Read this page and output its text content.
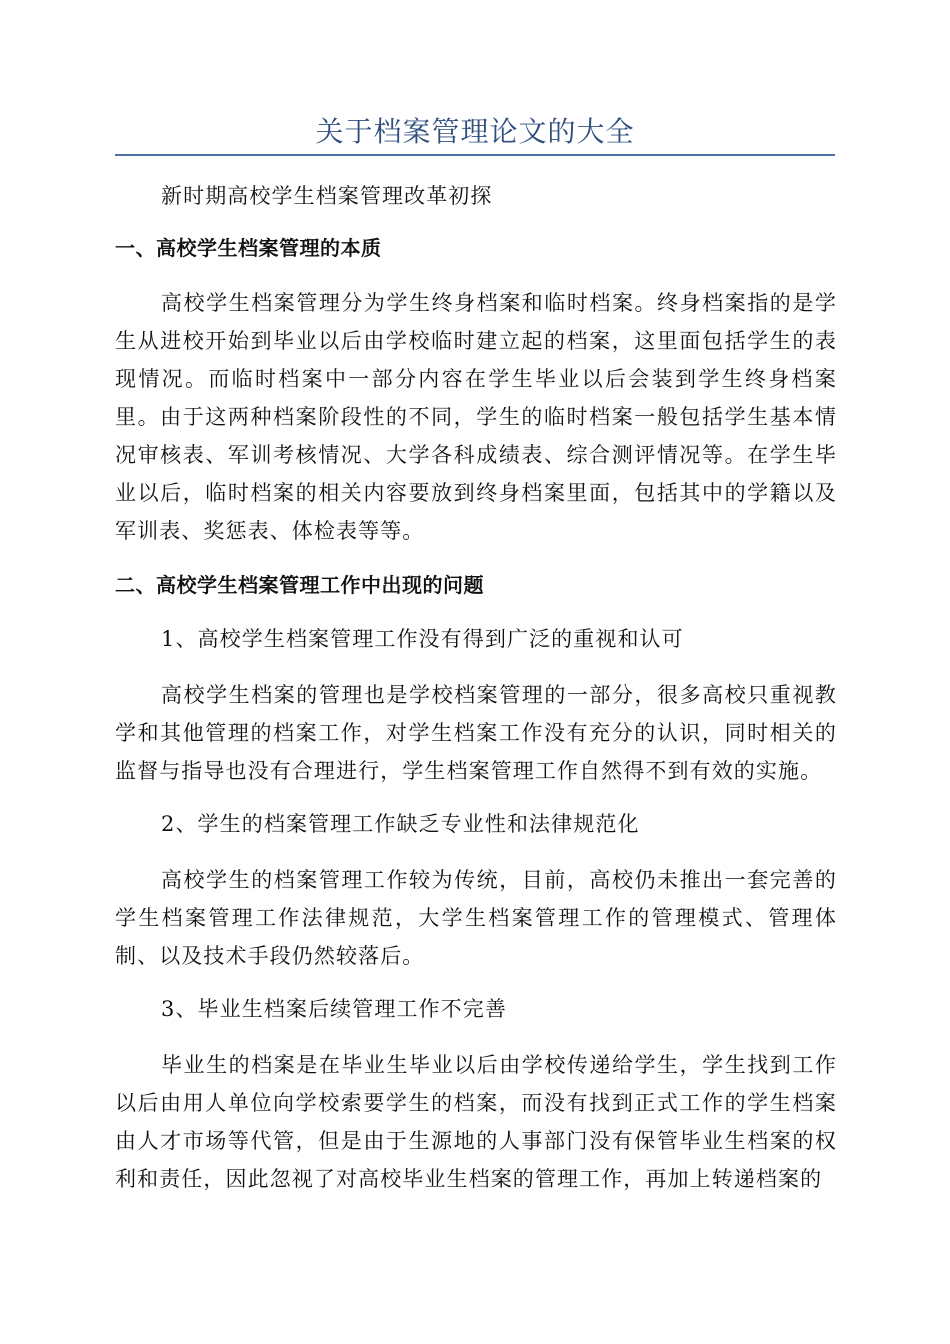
关于档案管理论文的大全
新时期高校学生档案管理改革初探
一、高校学生档案管理的本质

高校学生档案管理分为学生终身档案和临时档案。终身档案指的是学生从进校开始到毕业以后由学校临时建立起的档案，这里面包括学生的表现情况。而临时档案中一部分内容在学生毕业以后会装到学生终身档案里。由于这两种档案阶段性的不同，学生的临时档案一般包括学生基本情况审核表、军训考核情况、大学各科成绩表、综合测评情况等。在学生毕业以后，临时档案的相关内容要放到终身档案里面，包括其中的学籍以及军训表、奖惩表、体检表等等。

二、高校学生档案管理工作中出现的问题
1、高校学生档案管理工作没有得到广泛的重视和认可

高校学生档案的管理也是学校档案管理的一部分，很多高校只重视教学和其他管理的档案工作，对学生档案工作没有充分的认识，同时相关的监督与指导也没有合理进行，学生档案管理工作自然得不到有效的实施。

2、学生的档案管理工作缺乏专业性和法律规范化

高校学生的档案管理工作较为传统，目前，高校仍未推出一套完善的学生档案管理工作法律规范，大学生档案管理工作的管理模式、管理体制、以及技术手段仍然较落后。

3、毕业生档案后续管理工作不完善

毕业生的档案是在毕业生毕业以后由学校传递给学生，学生找到工作以后由用人单位向学校索要学生的档案，而没有找到正式工作的学生档案由人才市场等代管，但是由于生源地的人事部门没有保管毕业生档案的权利和责任，因此忽视了对高校毕业生档案的管理工作，再加上转递档案的
